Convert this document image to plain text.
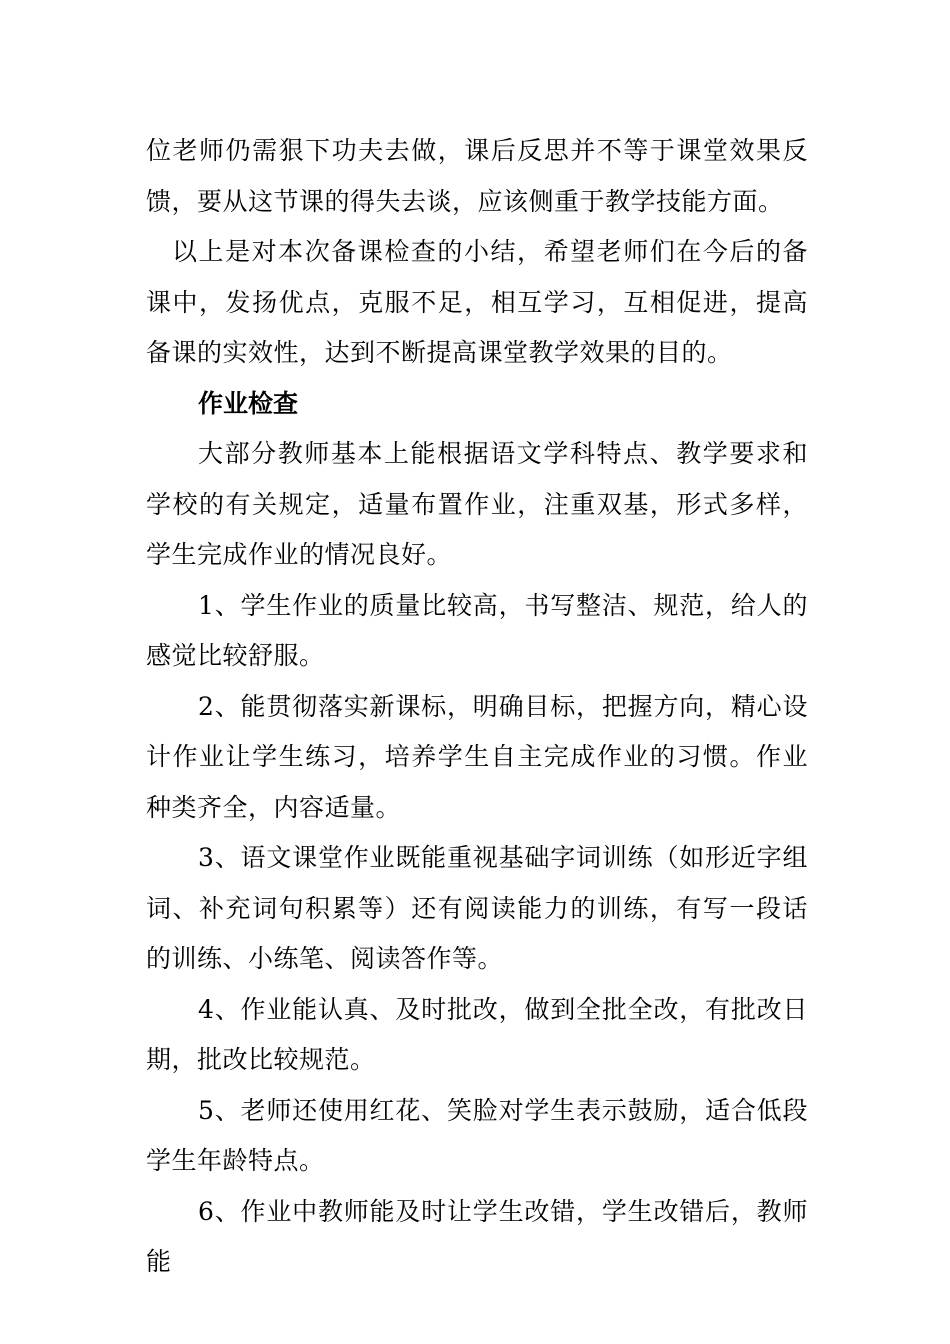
位老师仍需狠下功夫去做，课后反思并不等于课堂效果反馈，要从这节课的得失去谈，应该侧重于教学技能方面。

以上是对本次备课检查的小结，希望老师们在今后的备课中，发扬优点，克服不足，相互学习，互相促进，提高备课的实效性，达到不断提高课堂教学效果的目的。

作业检查

大部分教师基本上能根据语文学科特点、教学要求和学校的有关规定，适量布置作业，注重双基，形式多样，学生完成作业的情况良好。

1、学生作业的质量比较高，书写整洁、规范，给人的感觉比较舒服。

2、能贯彻落实新课标，明确目标，把握方向，精心设计作业让学生练习，培养学生自主完成作业的习惯。作业种类齐全，内容适量。

3、语文课堂作业既能重视基础字词训练（如形近字组词、补充词句积累等）还有阅读能力的训练，有写一段话的训练、小练笔、阅读答作等。

4、作业能认真、及时批改，做到全批全改，有批改日期，批改比较规范。

5、老师还使用红花、笑脸对学生表示鼓励，适合低段学生年龄特点。

6、作业中教师能及时让学生改错，学生改错后，教师能
